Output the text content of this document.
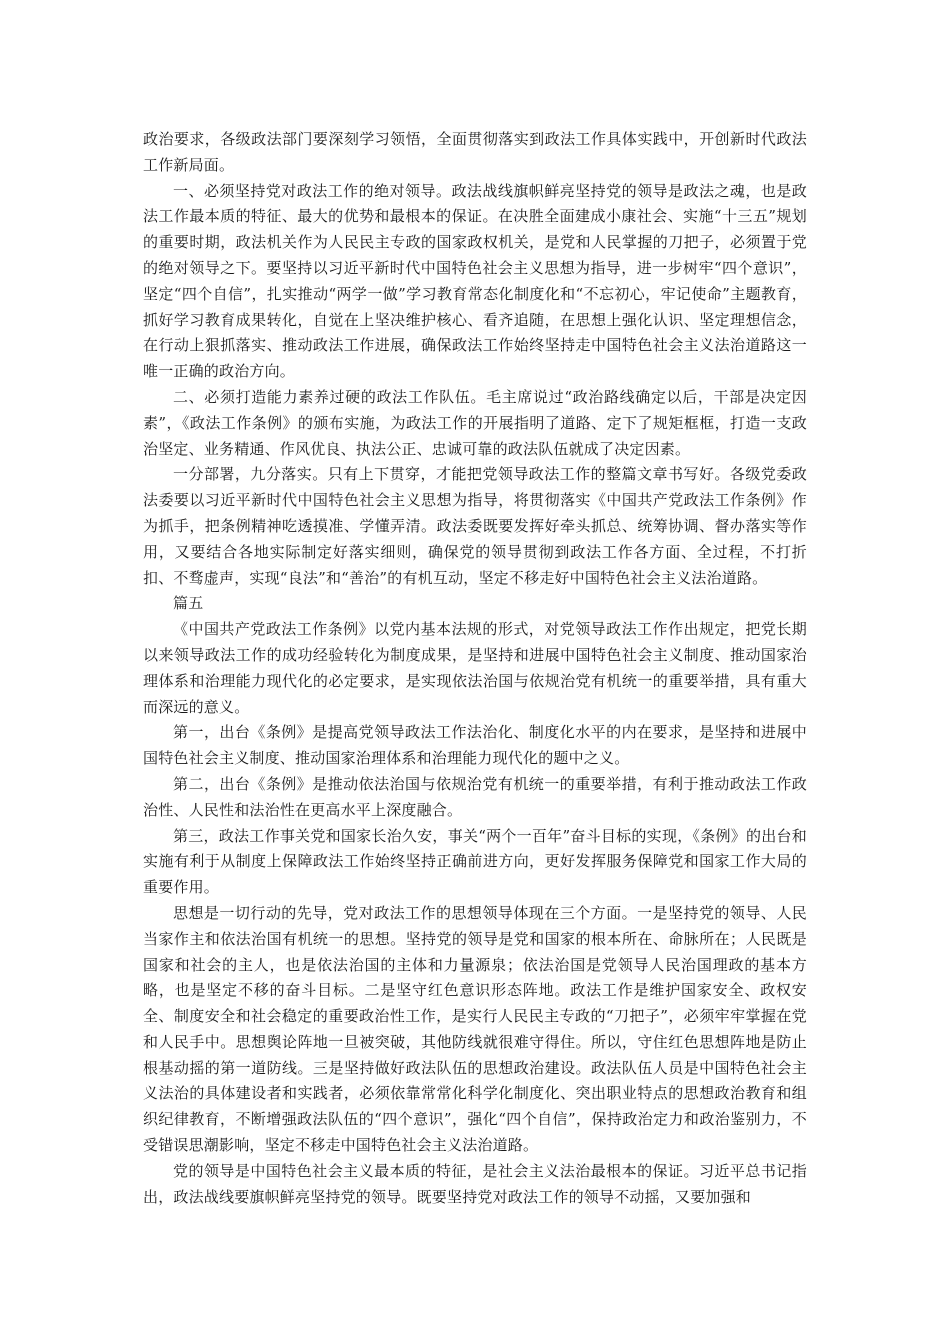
政治要求，各级政法部门要深刻学习领悟，全面贯彻落实到政法工作具体实践中，开创新时代政法工作新局面。

一、必须坚持党对政法工作的绝对领导。政法战线旗帜鲜亮坚持党的领导是政法之魂，也是政法工作最本质的特征、最大的优势和最根本的保证。在决胜全面建成小康社会、实施“十三五”规划的重要时期，政法机关作为人民民主专政的国家政权机关，是党和人民掌握的刀把子，必须置于党的绝对领导之下。要坚持以习近平新时代中国特色社会主义思想为指导，进一步树牢“四个意识”，坚定“四个自信”，扎实推动“两学一做”学习教育常态化制度化和“不忘初心，牢记使命”主题教育，抓好学习教育成果转化，自觉在上坚决维护核心、看齐追随，在思想上强化认识、坚定理想信念，在行动上狠抓落实、推动政法工作进展，确保政法工作始终坚持走中国特色社会主义法治道路这一唯一正确的政治方向。

二、必须打造能力素养过硬的政法工作队伍。毛主席说过“政治路线确定以后，干部是决定因素”，《政法工作条例》的颁布实施，为政法工作的开展指明了道路、定下了规矩框框，打造一支政治坚定、业务精通、作风优良、执法公正、忠诚可靠的政法队伍就成了决定因素。

一分部署，九分落实。只有上下贯穿，才能把党领导政法工作的整篇文章书写好。各级党委政法委要以习近平新时代中国特色社会主义思想为指导，将贯彻落实《中国共产党政法工作条例》作为抓手，把条例精神吃透摸准、学懂弄清。政法委既要发挥好牵头抓总、统筹协调、督办落实等作用，又要结合各地实际制定好落实细则，确保党的领导贯彻到政法工作各方面、全过程，不打折扣、不骛虚声，实现“良法”和“善治”的有机互动，坚定不移走好中国特色社会主义法治道路。

篇五

《中国共产党政法工作条例》以党内基本法规的形式，对党领导政法工作作出规定，把党长期以来领导政法工作的成功经验转化为制度成果，是坚持和进展中国特色社会主义制度、推动国家治理体系和治理能力现代化的必定要求，是实现依法治国与依规治党有机统一的重要举措，具有重大而深远的意义。

第一，出台《条例》是提高党领导政法工作法治化、制度化水平的内在要求，是坚持和进展中国特色社会主义制度、推动国家治理体系和治理能力现代化的题中之义。

第二，出台《条例》是推动依法治国与依规治党有机统一的重要举措，有利于推动政法工作政治性、人民性和法治性在更高水平上深度融合。

第三，政法工作事关党和国家长治久安，事关“两个一百年”奋斗目标的实现，《条例》的出台和实施有利于从制度上保障政法工作始终坚持正确前进方向，更好发挥服务保障党和国家工作大局的重要作用。

思想是一切行动的先导，党对政法工作的思想领导体现在三个方面。一是坚持党的领导、人民当家作主和依法治国有机统一的思想。坚持党的领导是党和国家的根本所在、命脉所在；人民既是国家和社会的主人，也是依法治国的主体和力量源泉；依法治国是党领导人民治国理政的基本方略，也是坚定不移的奋斗目标。二是坚守红色意识形态阵地。政法工作是维护国家安全、政权安全、制度安全和社会稳定的重要政治性工作，是实行人民民主专政的“刀把子”，必须牢牢掌握在党和人民手中。思想舆论阵地一旦被突破，其他防线就很难守得住。所以，守住红色思想阵地是防止根基动摇的第一道防线。三是坚持做好政法队伍的思想政治建设。政法队伍人员是中国特色社会主义法治的具体建设者和实践者，必须依靠常常化科学化制度化、突出职业特点的思想政治教育和组织纪律教育，不断增强政法队伍的“四个意识”，强化“四个自信”，保持政治定力和政治鉴别力，不受错误思潮影响，坚定不移走中国特色社会主义法治道路。

党的领导是中国特色社会主义最本质的特征，是社会主义法治最根本的保证。习近平总书记指出，政法战线要旗帜鲜亮坚持党的领导。既要坚持党对政法工作的领导不动摇，又要加强和
